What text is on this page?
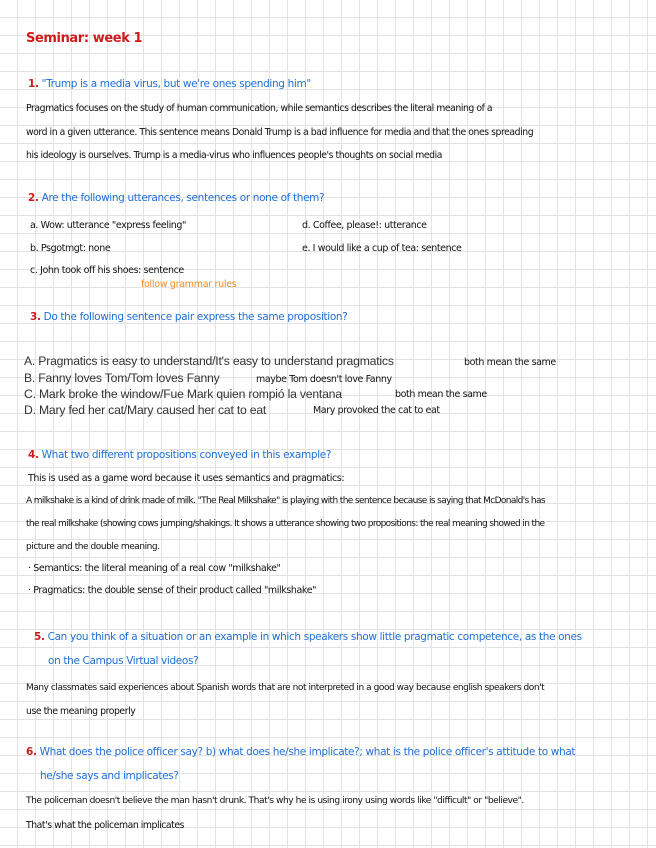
Seminar: week 1
1. "Trump is a media virus, but we're ones spending him"
Pragmatics focuses on the study of human communication, while semantics describes the literal meaning of a
word in a given utterance. This sentence means Donald Trump is a bad influence for media and that the ones spreading
his ideology is ourselves. Trump is a media-virus who influences people's thoughts on social media
2. Are the following utterances, sentences or none of them?
a. Wow: utterance "express feeling"
b. Psgotmgt: none
c. John took off his shoes: sentence
d. Coffee, please!: utterance
e. I would like a cup of tea: sentence
follow grammar rules
3. Do the following sentence pair express the same proposition?
A. Pragmatics is easy to understand/It's easy to understand pragmatics	both mean the same
B. Fanny loves Tom/Tom loves Fanny	maybe Tom doesn't love Fanny
C. Mark broke the window/Fue Mark quien rompió la ventana	both mean the same
D. Mary fed her cat/Mary caused her cat to eat	Mary provoked the cat to eat
4. What two different propositions conveyed in this example?
This is used as a game word because it uses semantics and pragmatics:
A milkshake is a kind of drink made of milk. "The Real Milkshake" is playing with the sentence because is saying that McDonald's has
the real milkshake (showing cows jumping/shakings. It shows a utterance showing two propositions: the real meaning showed in the
picture and the double meaning.
· Semantics: the literal meaning of a real cow "milkshake"
· Pragmatics: the double sense of their product called "milkshake"
5. Can you think of a situation or an example in which speakers show little pragmatic competence, as the ones
on the Campus Virtual videos?
Many classmates said experiences about Spanish words that are not interpreted in a good way because english speakers don't
use the meaning properly
6. What does the police officer say? b) what does he/she implicate?; what is the police officer's attitude to what
he/she says and implicates?
The policeman doesn't believe the man hasn't drunk. That's why he is using irony using words like "difficult" or "believe".
That's what the policeman implicates
